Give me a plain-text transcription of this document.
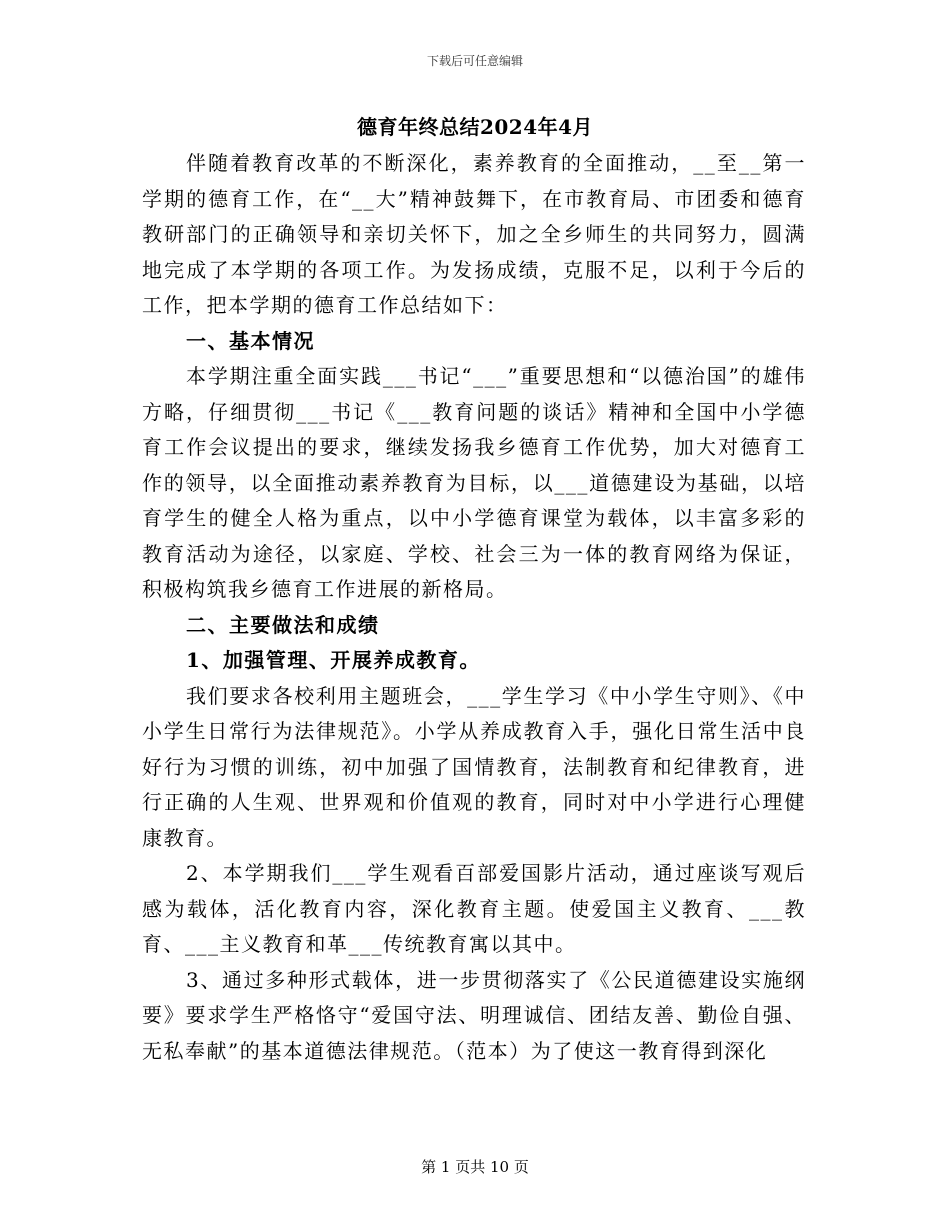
下载后可任意编辑
德育年终总结2024年4月

伴随着教育改革的不断深化，素养教育的全面推动，__至__第一学期的德育工作，在“__大”精神鼓舞下，在市教育局、市团委和德育教研部门的正确领导和亲切关怀下，加之全乡师生的共同努力，圆满地完成了本学期的各项工作。为发扬成绩，克服不足，以利于今后的工作，把本学期的德育工作总结如下：

一、基本情况

本学期注重全面实践___书记“___”重要思想和“以德治国”的雄伟方略，仔细贯彻___书记《___教育问题的谈话》精神和全国中小学德育工作会议提出的要求，继续发扬我乡德育工作优势，加大对德育工作的领导，以全面推动素养教育为目标，以___道德建设为基础，以培育学生的健全人格为重点，以中小学德育课堂为载体，以丰富多彩的教育活动为途径，以家庭、学校、社会三为一体的教育网络为保证，积极构筑我乡德育工作进展的新格局。

二、主要做法和成绩

1、加强管理、开展养成教育。

我们要求各校利用主题班会，___学生学习《中小学生守则》、《中小学生日常行为法律规范》。小学从养成教育入手，强化日常生活中良好行为习惯的训练，初中加强了国情教育，法制教育和纪律教育，进行正确的人生观、世界观和价值观的教育，同时对中小学进行心理健康教育。

2、本学期我们___学生观看百部爱国影片活动，通过座谈写观后感为载体，活化教育内容，深化教育主题。使爱国主义教育、___教育、___主义教育和革___传统教育寓以其中。

3、通过多种形式载体，进一步贯彻落实了《公民道德建设实施纲要》要求学生严格恪守“爱国守法、明理诚信、团结友善、勤俭自强、无私奉献”的基本道德法律规范。（范本）为了使这一教育得到深化

第 1 页共 10 页
